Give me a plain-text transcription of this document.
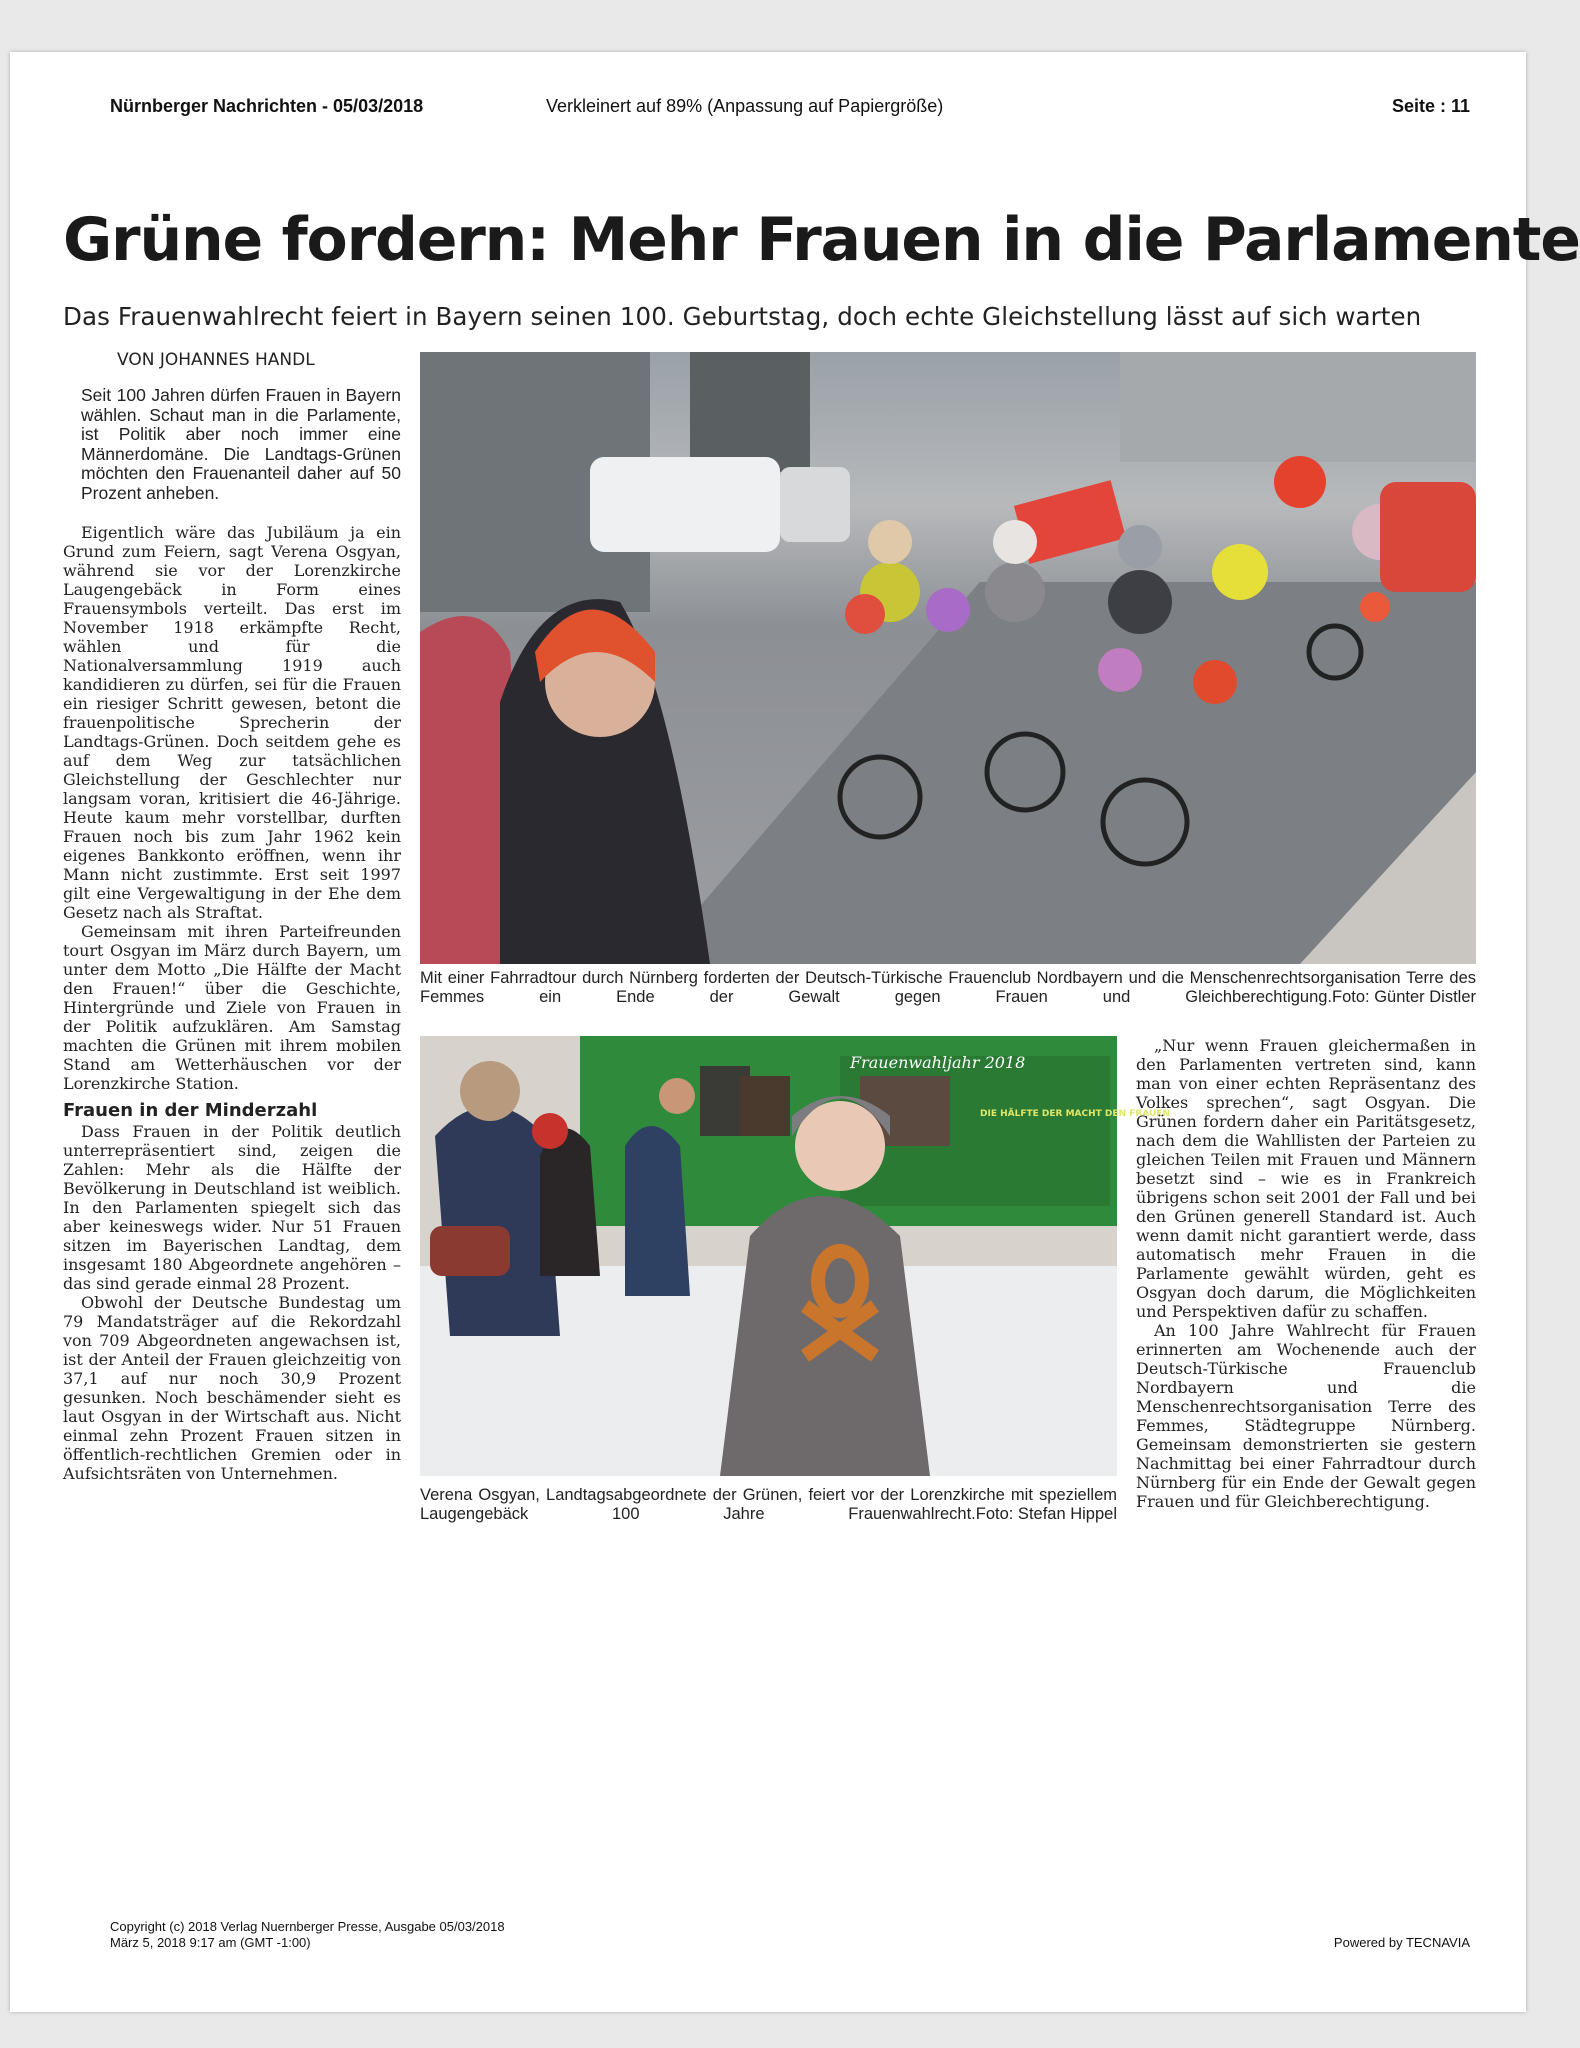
Nürnberger Nachrichten - 05/03/2018	Verkleinert auf 89% (Anpassung auf Papiergröße)	Seite : 11
Grüne fordern: Mehr Frauen in die Parlamente
Das Frauenwahlrecht feiert in Bayern seinen 100. Geburtstag, doch echte Gleichstellung lässt auf sich warten
VON JOHANNES HANDL

Seit 100 Jahren dürfen Frauen in Bayern wählen. Schaut man in die Parlamente, ist Politik aber noch immer eine Männerdomäne. Die Landtags-Grünen möchten den Frauenanteil daher auf 50 Prozent anheben.

Eigentlich wäre das Jubiläum ja ein Grund zum Feiern, sagt Verena Osgyan, während sie vor der Lorenzkirche Laugengebäck in Form eines Frauensymbols verteilt. Das erst im November 1918 erkämpfte Recht, wählen und für die Nationalversammlung 1919 auch kandidieren zu dürfen, sei für die Frauen ein riesiger Schritt gewesen, betont die frauenpolitische Sprecherin der Landtags-Grünen. Doch seitdem gehe es auf dem Weg zur tatsächlichen Gleichstellung der Geschlechter nur langsam voran, kritisiert die 46-Jährige. Heute kaum mehr vorstellbar, durften Frauen noch bis zum Jahr 1962 kein eigenes Bankkonto eröffnen, wenn ihr Mann nicht zustimmte. Erst seit 1997 gilt eine Vergewaltigung in der Ehe dem Gesetz nach als Straftat.

Gemeinsam mit ihren Parteifreunden tourt Osgyan im März durch Bayern, um unter dem Motto „Die Hälfte der Macht den Frauen!“ über die Geschichte, Hintergründe und Ziele von Frauen in der Politik aufzuklären. Am Samstag machten die Grünen mit ihrem mobilen Stand am Wetterhäuschen vor der Lorenzkirche Station.

Frauen in der Minderzahl

Dass Frauen in der Politik deutlich unterrepräsentiert sind, zeigen die Zahlen: Mehr als die Hälfte der Bevölkerung in Deutschland ist weiblich. In den Parlamenten spiegelt sich das aber keineswegs wider. Nur 51 Frauen sitzen im Bayerischen Landtag, dem insgesamt 180 Abgeordnete angehören – das sind gerade einmal 28 Prozent.

Obwohl der Deutsche Bundestag um 79 Mandatsträger auf die Rekordzahl von 709 Abgeordneten angewachsen ist, ist der Anteil der Frauen gleichzeitig von 37,1 auf nur noch 30,9 Prozent gesunken. Noch beschämender sieht es laut Osgyan in der Wirtschaft aus. Nicht einmal zehn Prozent Frauen sitzen in öffentlich-rechtlichen Gremien oder in Aufsichtsräten von Unternehmen.

Mit einer Fahrradtour durch Nürnberg forderten der Deutsch-Türkische Frauenclub Nordbayern und die Menschenrechtsorganisation Terre des Femmes ein Ende der Gewalt gegen Frauen und Gleichberechtigung. Foto: Günter Distler
Frauenwahljahr 2018
DIE HÄLFTE DER MACHT DEN FRAUEN
Verena Osgyan, Landtagsabgeordnete der Grünen, feiert vor der Lorenzkirche mit speziellem Laugengebäck 100 Jahre Frauenwahlrecht. Foto: Stefan Hippel

„Nur wenn Frauen gleichermaßen in den Parlamenten vertreten sind, kann man von einer echten Repräsentanz des Volkes sprechen“, sagt Osgyan. Die Grünen fordern daher ein Paritätsgesetz, nach dem die Wahllisten der Parteien zu gleichen Teilen mit Frauen und Männern besetzt sind – wie es in Frankreich übrigens schon seit 2001 der Fall und bei den Grünen generell Standard ist. Auch wenn damit nicht garantiert werde, dass automatisch mehr Frauen in die Parlamente gewählt würden, geht es Osgyan doch darum, die Möglichkeiten und Perspektiven dafür zu schaffen.

An 100 Jahre Wahlrecht für Frauen erinnerten am Wochenende auch der Deutsch-Türkische Frauenclub Nordbayern und die Menschenrechtsorganisation Terre des Femmes, Städtegruppe Nürnberg. Gemeinsam demonstrierten sie gestern Nachmittag bei einer Fahrradtour durch Nürnberg für ein Ende der Gewalt gegen Frauen und für Gleichberechtigung.

Copyright (c) 2018 Verlag Nuernberger Presse, Ausgabe 05/03/2018
März 5, 2018 9:17 am (GMT -1:00)	Powered by TECNAVIA
